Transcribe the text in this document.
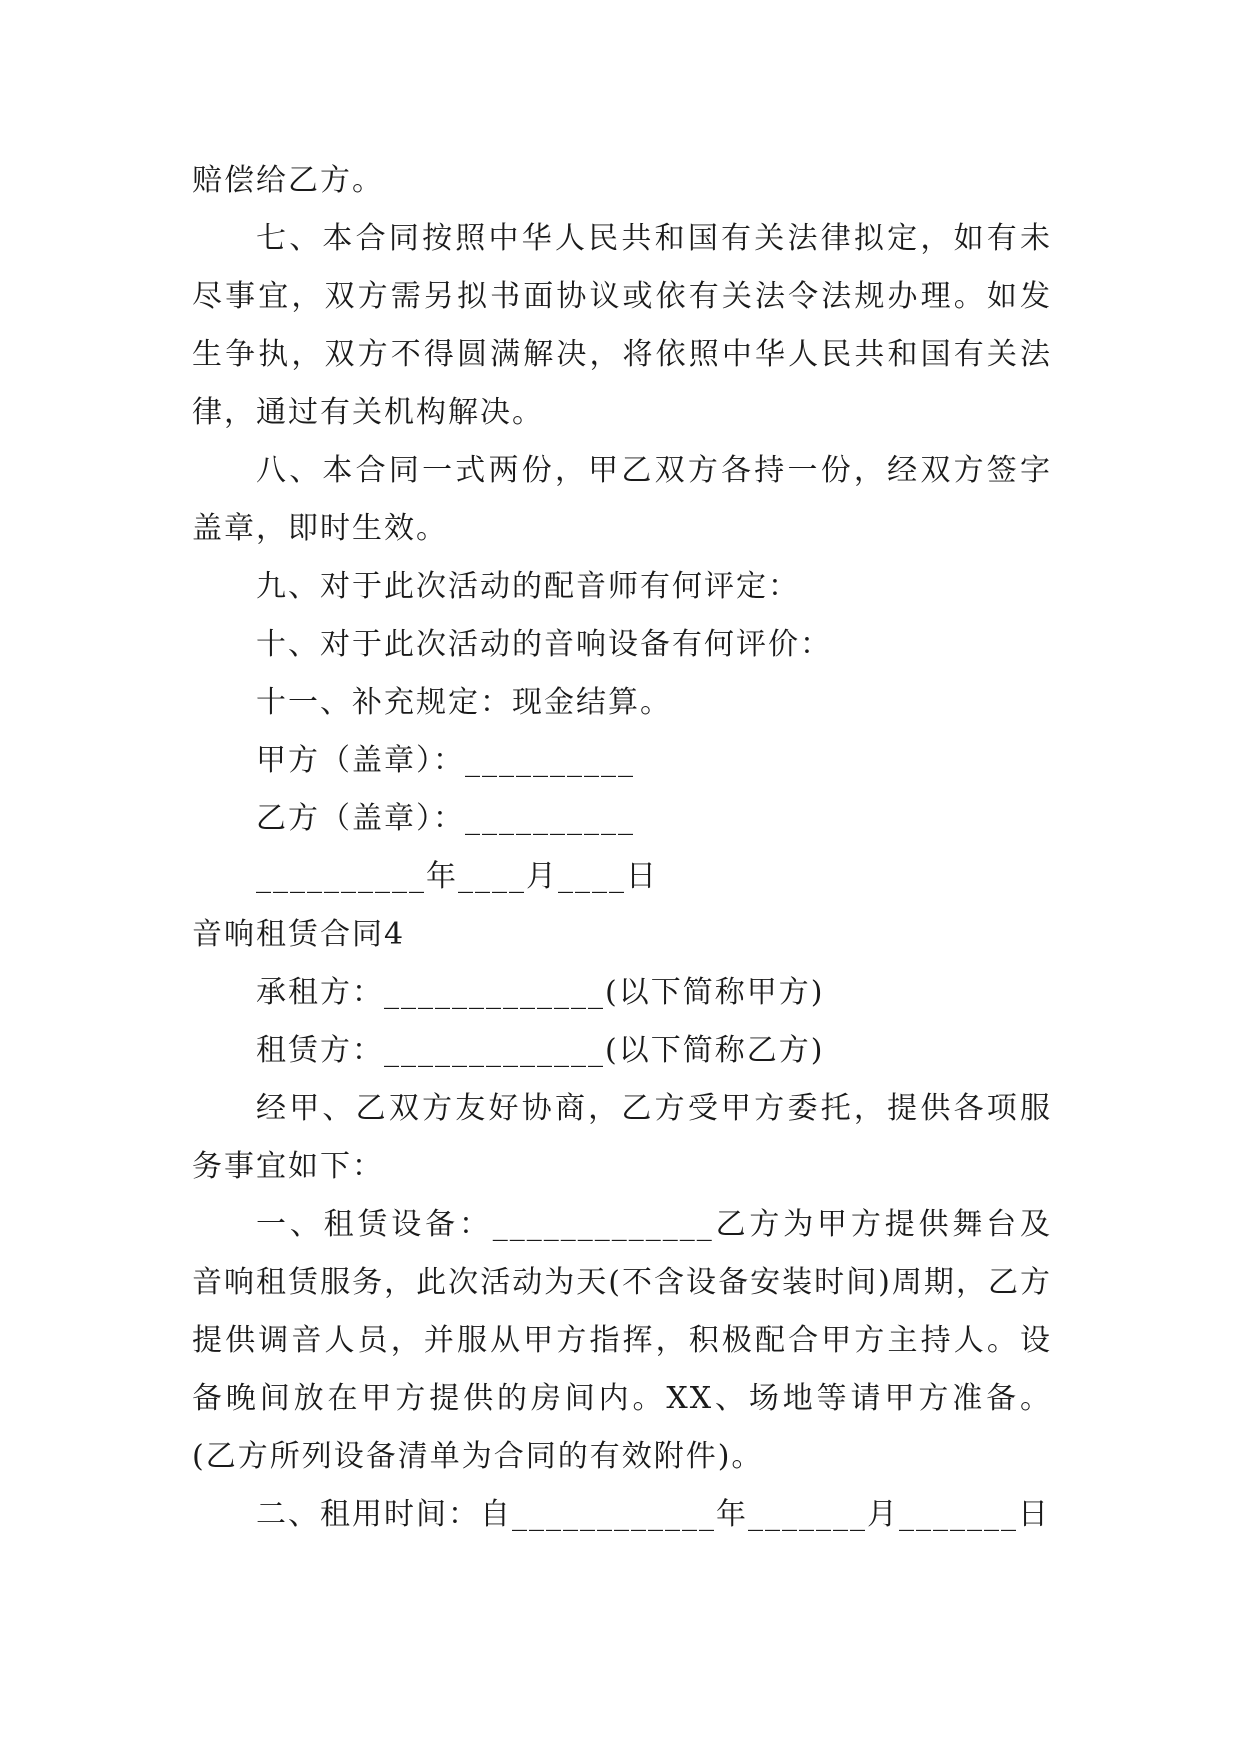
赔偿给乙方。

七、本合同按照中华人民共和国有关法律拟定，如有未尽事宜，双方需另拟书面协议或依有关法令法规办理。如发生争执，双方不得圆满解决，将依照中华人民共和国有关法律，通过有关机构解决。

八、本合同一式两份，甲乙双方各持一份，经双方签字盖章，即时生效。

九、对于此次活动的配音师有何评定：

十、对于此次活动的音响设备有何评价：

十一、补充规定：现金结算。

甲方（盖章）：__________

乙方（盖章）：__________

__________年____月____日

音响租赁合同4

承租方：_____________(以下简称甲方)

租赁方：_____________(以下简称乙方)

经甲、乙双方友好协商，乙方受甲方委托，提供各项服务事宜如下：

一、租赁设备：_____________乙方为甲方提供舞台及音响租赁服务，此次活动为天(不含设备安装时间)周期，乙方提供调音人员，并服从甲方指挥，积极配合甲方主持人。设备晚间放在甲方提供的房间内。XX、场地等请甲方准备。(乙方所列设备清单为合同的有效附件)。

二、租用时间：自____________年_______月_______日
